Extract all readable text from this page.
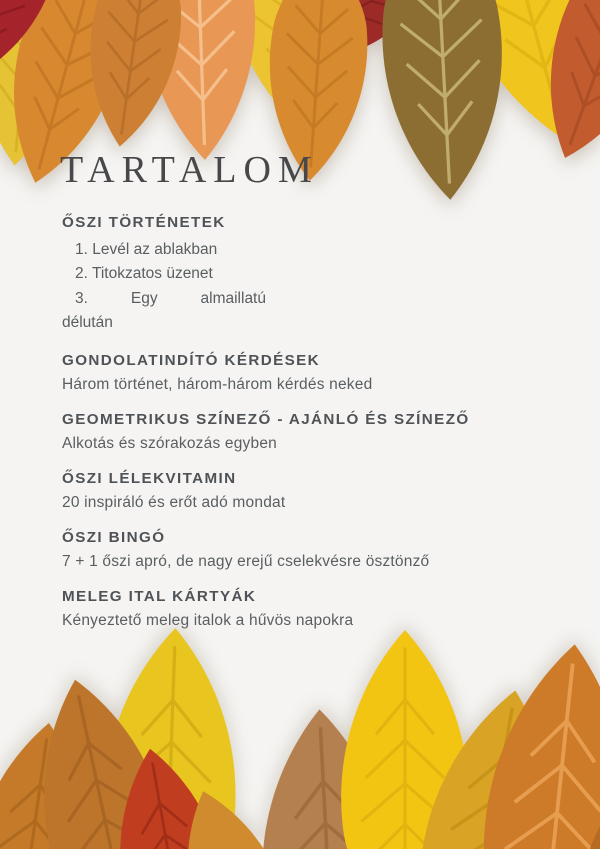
TARTALOM
ŐSZI TÖRTÉNETEK
1. Levél az ablakban
2. Titokzatos üzenet
3. Egy almaillatú
délután
GONDOLATINDÍTÓ KÉRDÉSEK

Három történet, három-három kérdés neked

GEOMETRIKUS SZÍNEZŐ - AJÁNLÓ ÉS SZÍNEZŐ

Alkotás és szórakozás egyben

ŐSZI LÉLEKVITAMIN

20 inspiráló és erőt adó mondat

ŐSZI BINGÓ

7 + 1 őszi apró, de nagy erejű cselekvésre ösztönző

MELEG ITAL KÁRTYÁK

Kényeztető meleg italok a hűvös napokra
